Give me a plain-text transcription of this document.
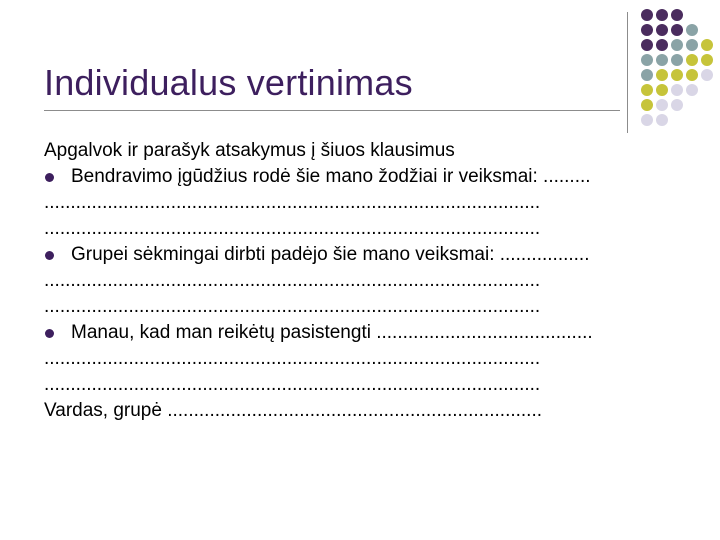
Individualus vertinimas
Apgalvok ir parašyk atsakymus į šiuos klausimus
Bendravimo įgūdžius rodė šie mano žodžiai ir veiksmai: .........
..............................................................................................
..............................................................................................
Grupei sėkmingai dirbti padėjo šie mano veiksmai: .................
..............................................................................................
..............................................................................................
Manau, kad man reikėtų pasistengti .........................................
..............................................................................................
..............................................................................................
Vardas, grupė .......................................................................
